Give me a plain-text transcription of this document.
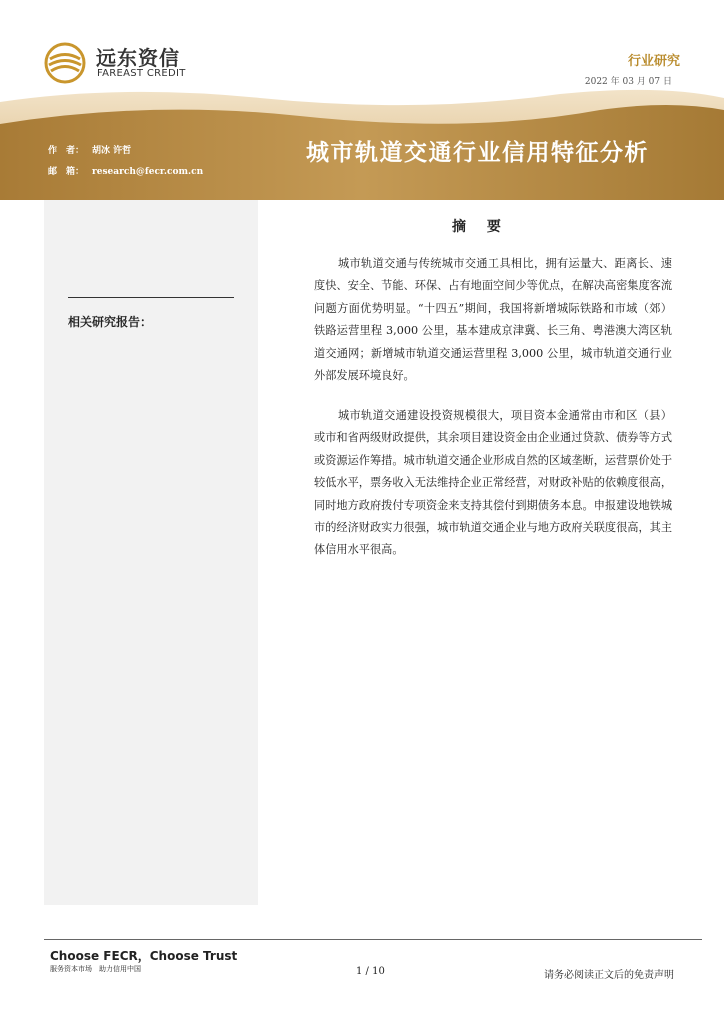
远东资信
FAREAST CREDIT
行业研究
2022 年 03 月 07 日
作　者： 胡冰 许哲
邮　箱： research@fecr.com.cn
城市轨道交通行业信用特征分析
相关研究报告：
摘 要

城市轨道交通与传统城市交通工具相比，拥有运量大、距离长、速度快、安全、节能、环保、占有地面空间少等优点，在解决高密集度客流问题方面优势明显。“十四五”期间，我国将新增城际铁路和市域（郊）铁路运营里程 3,000 公里，基本建成京津冀、长三角、粤港澳大湾区轨道交通网；新增城市轨道交通运营里程 3,000 公里，城市轨道交通行业外部发展环境良好。

城市轨道交通建设投资规模很大，项目资本金通常由市和区（县）或市和省两级财政提供，其余项目建设资金由企业通过贷款、债券等方式或资源运作筹措。城市轨道交通企业形成自然的区域垄断，运营票价处于较低水平，票务收入无法维持企业正常经营，对财政补贴的依赖度很高，同时地方政府拨付专项资金来支持其偿付到期债务本息。申报建设地铁城市的经济财政实力很强，城市轨道交通企业与地方政府关联度很高，其主体信用水平很高。

Choose FECR，Choose Trust
服务资本市场　助力信用中国	1 / 10	请务必阅读正文后的免责声明
